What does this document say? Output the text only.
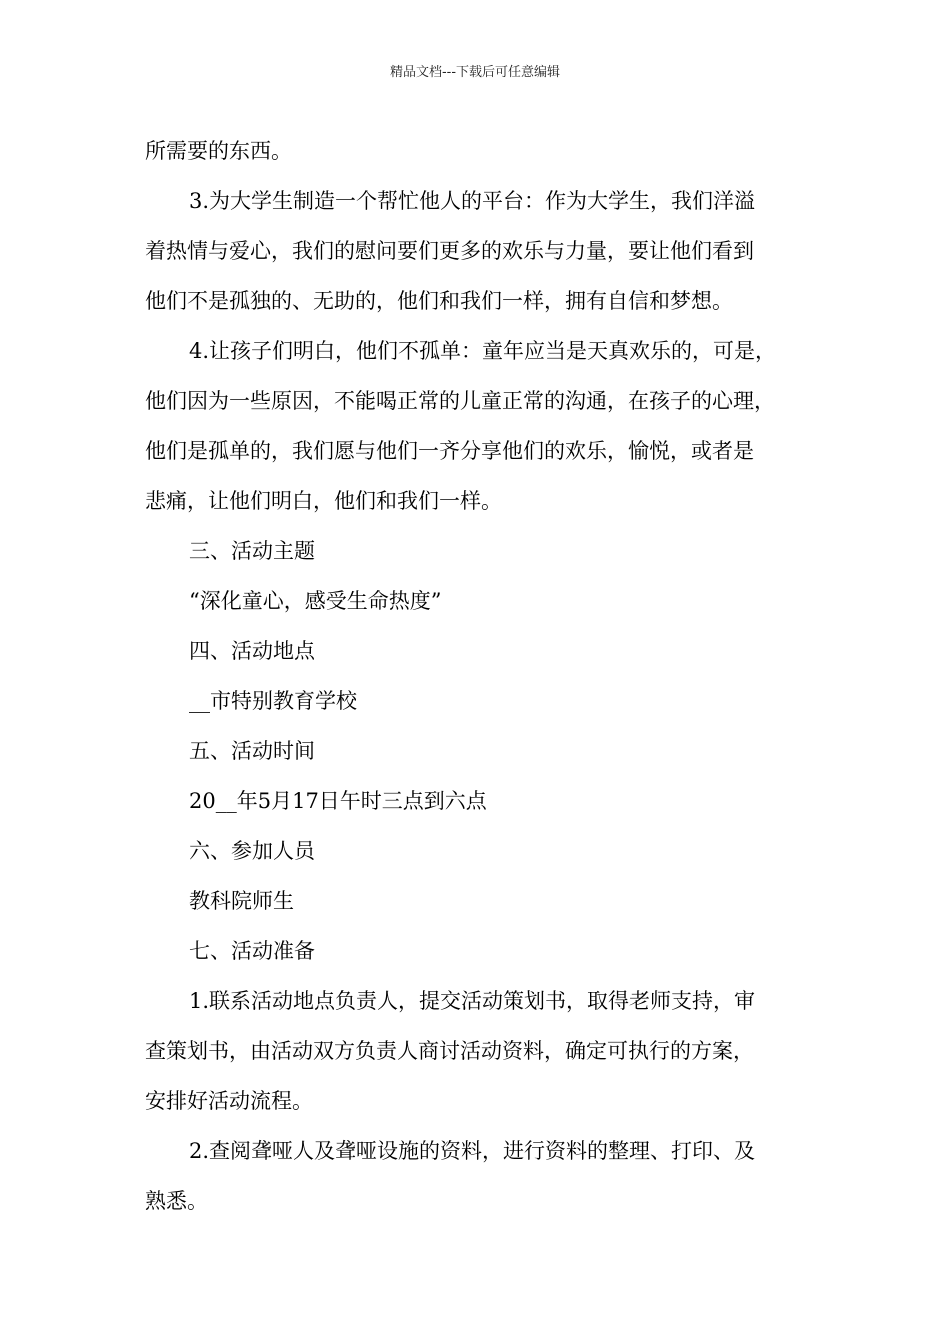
精品文档---下载后可任意编辑
所需要的东西。
3.为大学生制造一个帮忙他人的平台：作为大学生，我们洋溢
着热情与爱心，我们的慰问要们更多的欢乐与力量，要让他们看到
他们不是孤独的、无助的，他们和我们一样，拥有自信和梦想。
4.让孩子们明白，他们不孤单：童年应当是天真欢乐的，可是，
他们因为一些原因，不能喝正常的儿童正常的沟通，在孩子的心理，
他们是孤单的，我们愿与他们一齐分享他们的欢乐，愉悦，或者是
悲痛，让他们明白，他们和我们一样。
三、活动主题
“深化童心，感受生命热度”
四、活动地点
__市特别教育学校
五、活动时间
20__年5月17日午时三点到六点
六、参加人员
教科院师生
七、活动准备
1.联系活动地点负责人，提交活动策划书，取得老师支持，审
查策划书，由活动双方负责人商讨活动资料，确定可执行的方案，
安排好活动流程。
2.查阅聋哑人及聋哑设施的资料，进行资料的整理、打印、及
熟悉。
